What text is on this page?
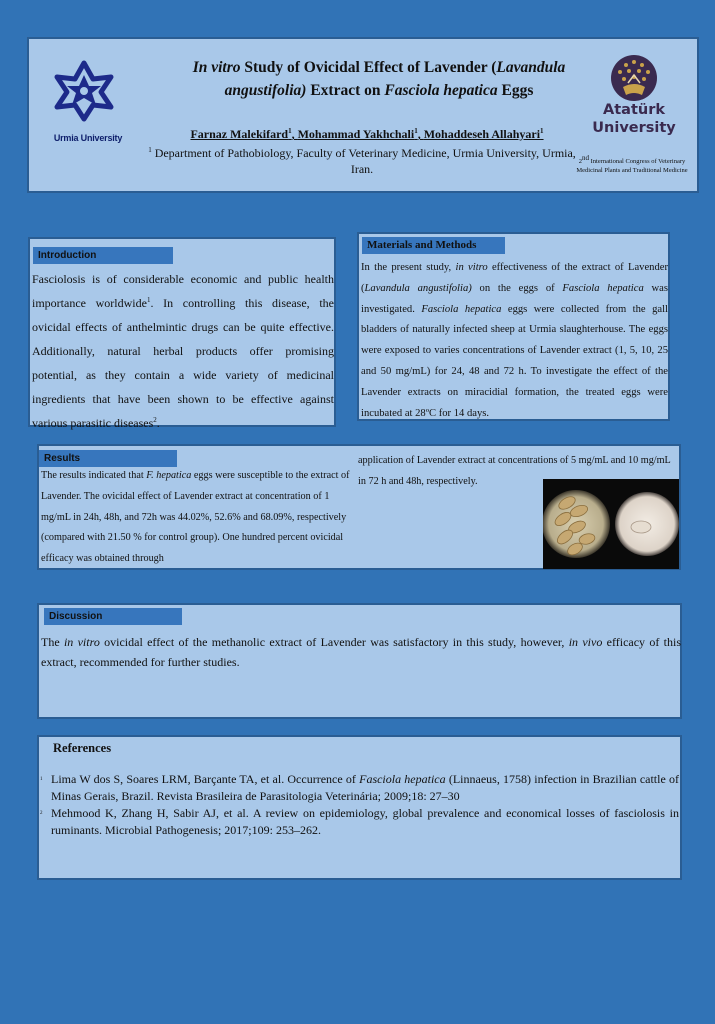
Urmia University
In vitro Study of Ovicidal Effect of Lavender (Lavandula angustifolia) Extract on Fasciola hepatica Eggs
Farnaz Malekifard$^1$, Mohammad Yakhchali$^1$, Mohaddeseh Allahyari$^1$
$^1$ Department of Pathobiology, Faculty of Veterinary Medicine, Urmia University, Urmia, Iran.
Atatürk
University
2nd International Congress of Veterinary Medicinal Plants and Traditional Medicine
Introduction
Fasciolosis is of considerable economic and public health importance worldwide$^1$. In controlling this disease, the ovicidal effects of anthelmintic drugs can be quite effective. Additionally, natural herbal products offer promising potential, as they contain a wide variety of medicinal ingredients that have been shown to be effective against various parasitic diseases$^2$.
Materials and Methods
In the present study, in vitro effectiveness of the extract of Lavender (Lavandula angustifolia) on the eggs of Fasciola hepatica was investigated. Fasciola hepatica eggs were collected from the gall bladders of naturally infected sheep at Urmia slaughterhouse. The eggs were exposed to varies concentrations of Lavender extract (1, 5, 10, 25 and 50 mg/mL) for 24, 48 and 72 h. To investigate the effect of the Lavender extracts on miracidial formation, the treated eggs were incubated at 28ºC for 14 days.
Results
The results indicated that F. hepatica eggs were susceptible to the extract of Lavender. The ovicidal effect of Lavender extract at concentration of 1 mg/mL in 24h, 48h, and 72h was 44.02%, 52.6% and 68.09%, respectively (compared with 21.50 % for control group). One hundred percent ovicidal efficacy was obtained through
application of Lavender extract at concentrations of 5 mg/mL and 10 mg/mL in 72 h and 48h, respectively.
Discussion
The in vitro ovicidal effect of the methanolic extract of Lavender was satisfactory in this study, however, in vivo efficacy of this extract, recommended for further studies.
References
1 Lima W dos S, Soares LRM, Barçante TA, et al. Occurrence of Fasciola hepatica (Linnaeus, 1758) infection in Brazilian cattle of Minas Gerais, Brazil. Revista Brasileira de Parasitologia Veterinária; 2009;18: 27–30
2 Mehmood K, Zhang H, Sabir AJ, et al. A review on epidemiology, global prevalence and economical losses of fasciolosis in ruminants. Microbial Pathogenesis; 2017;109: 253–262.
